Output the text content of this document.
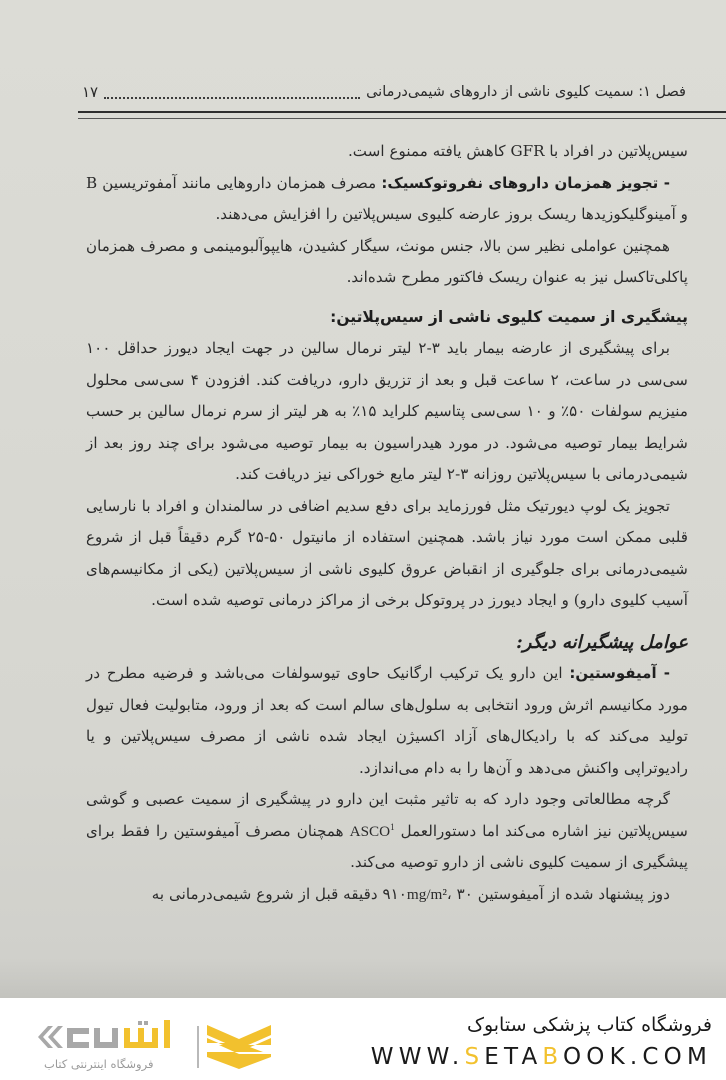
فصل ۱: سمیت کلیوی ناشی از داروهای شیمی‌درمانی
۱۷

سیس‌پلاتین در افراد با GFR کاهش یافته ممنوع است.

- تجویز همزمان داروهای نفروتوکسیک: مصرف همزمان داروهایی مانند آمفوتریسین B و آمینوگلیکوزیدها ریسک بروز عارضه کلیوی سیس‌پلاتین را افزایش می‌دهند.

همچنین عواملی نظیر سن بالا، جنس مونث، سیگار کشیدن، هایپوآلبومینمی و مصرف همزمان پاکلی‌تاکسل نیز به عنوان ریسک فاکتور مطرح شده‌اند.

پیشگیری از سمیت کلیوی ناشی از سیس‌پلاتین:

برای پیشگیری از عارضه بیمار باید ۳-۲ لیتر نرمال سالین در جهت ایجاد دیورز حداقل ۱۰۰ سی‌سی در ساعت، ۲ ساعت قبل و بعد از تزریق دارو، دریافت کند. افزودن ۴ سی‌سی محلول منیزیم سولفات ۵۰٪ و ۱۰ سی‌سی پتاسیم کلراید ۱۵٪ به هر لیتر از سرم نرمال سالین بر حسب شرایط بیمار توصیه می‌شود. در مورد هیدراسیون به بیمار توصیه می‌شود برای چند روز بعد از شیمی‌درمانی با سیس‌پلاتین روزانه ۳-۲ لیتر مایع خوراکی نیز دریافت کند.

تجویز یک لوپ دیورتیک مثل فورزماید برای دفع سدیم اضافی در سالمندان و افراد با نارسایی قلبی ممکن است مورد نیاز باشد. همچنین استفاده از مانیتول ۵۰-۲۵ گرم دقیقاً قبل از شروع شیمی‌درمانی برای جلوگیری از انقباض عروق کلیوی ناشی از سیس‌پلاتین (یکی از مکانیسم‌های آسیب کلیوی دارو) و ایجاد دیورز در پروتوکل برخی از مراکز درمانی توصیه شده است.

عوامل پیشگیرانه دیگر:

- آمیفوستین: این دارو یک ترکیب ارگانیک حاوی تیوسولفات می‌باشد و فرضیه مطرح در مورد مکانیسم اثرش ورود انتخابی به سلول‌های سالم است که بعد از ورود، متابولیت فعال تیول تولید می‌کند که با رادیکال‌های آزاد اکسیژن ایجاد شده ناشی از مصرف سیس‌پلاتین و یا رادیوتراپی واکنش می‌دهد و آن‌ها را به دام می‌اندازد.

گرچه مطالعاتی وجود دارد که به تاثیر مثبت این دارو در پیشگیری از سمیت عصبی و گوشی سیس‌پلاتین نیز اشاره می‌کند اما دستورالعمل ASCO$^1$ همچنان مصرف آمیفوستین را فقط برای پیشگیری از سمیت کلیوی ناشی از دارو توصیه می‌کند.

دوز پیشنهاد شده از آمیفوستین ۹۱۰mg/m²، ۳۰ دقیقه قبل از شروع شیمی‌درمانی به

فروشگاه اینترنتی کتاب
فروشگاه کتاب پزشکی ستابوک
WWW.SETABOOK.COM
